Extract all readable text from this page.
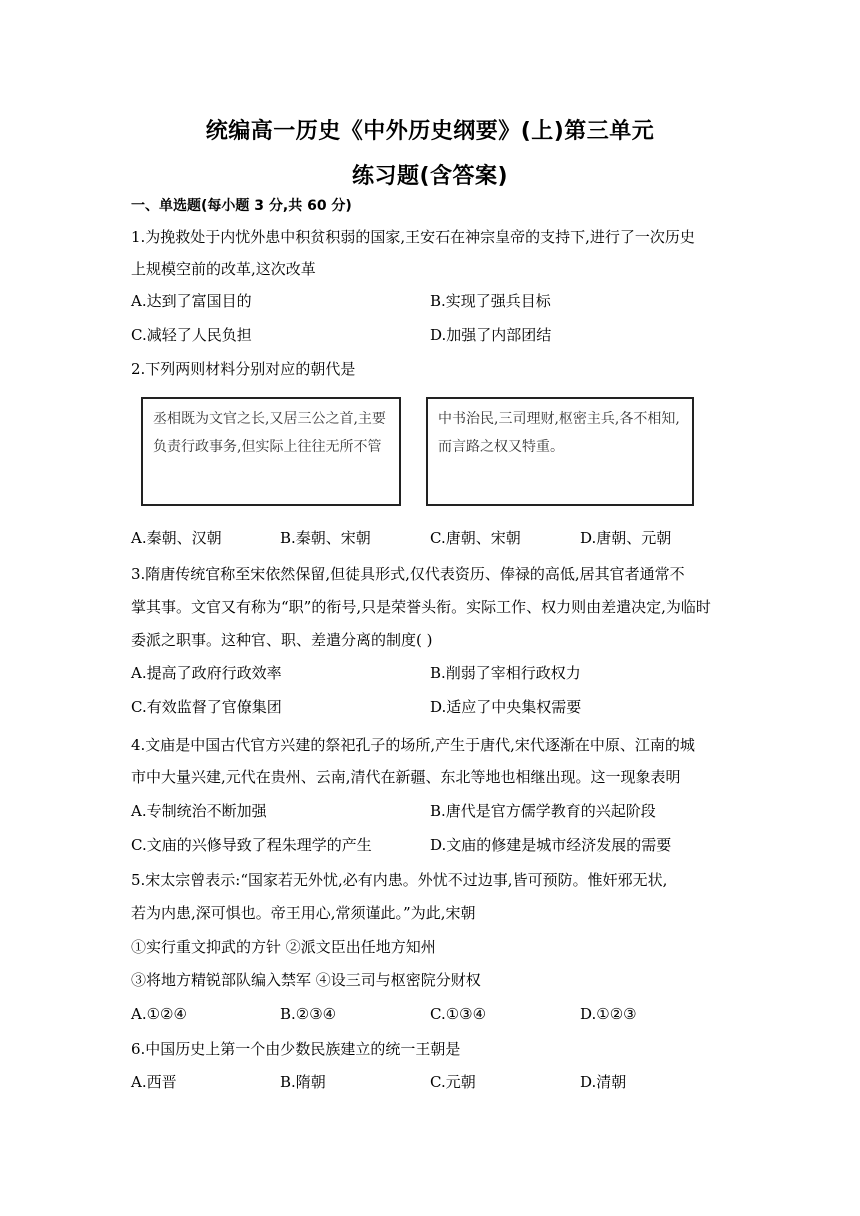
统编高一历史《中外历史纲要》(上)第三单元
练习题(含答案)
一、单选题(每小题 3 分,共 60 分)
1.为挽救处于内忧外患中积贫积弱的国家,王安石在神宗皇帝的支持下,进行了一次历史
上规模空前的改革,这次改革
A.达到了富国目的	B.实现了强兵目标
C.减轻了人民负担	D.加强了内部团结
2.下列两则材料分别对应的朝代是
丞相既为文官之长,又居三公之首,主要负责行政事务,但实际上往往无所不管
中书治民,三司理财,枢密主兵,各不相知,而言路之权又特重。
A.秦朝、汉朝	B.秦朝、宋朝	C.唐朝、宋朝	D.唐朝、元朝
3.隋唐传统官称至宋依然保留,但徒具形式,仅代表资历、俸禄的高低,居其官者通常不
掌其事。文官又有称为“职”的衔号,只是荣誉头衔。实际工作、权力则由差遣决定,为临时
委派之职事。这种官、职、差遣分离的制度( )
A.提高了政府行政效率	B.削弱了宰相行政权力
C.有效监督了官僚集团	D.适应了中央集权需要
4.文庙是中国古代官方兴建的祭祀孔子的场所,产生于唐代,宋代逐渐在中原、江南的城
市中大量兴建,元代在贵州、云南,清代在新疆、东北等地也相继出现。这一现象表明
A.专制统治不断加强	B.唐代是官方儒学教育的兴起阶段
C.文庙的兴修导致了程朱理学的产生	D.文庙的修建是城市经济发展的需要
5.宋太宗曾表示:“国家若无外忧,必有内患。外忧不过边事,皆可预防。惟奸邪无状,
若为内患,深可惧也。帝王用心,常须谨此。”为此,宋朝
①实行重文抑武的方针 ②派文臣出任地方知州
③将地方精锐部队编入禁军 ④设三司与枢密院分财权
A.①②④	B.②③④	C.①③④	D.①②③
6.中国历史上第一个由少数民族建立的统一王朝是
A.西晋	B.隋朝	C.元朝	D.清朝
